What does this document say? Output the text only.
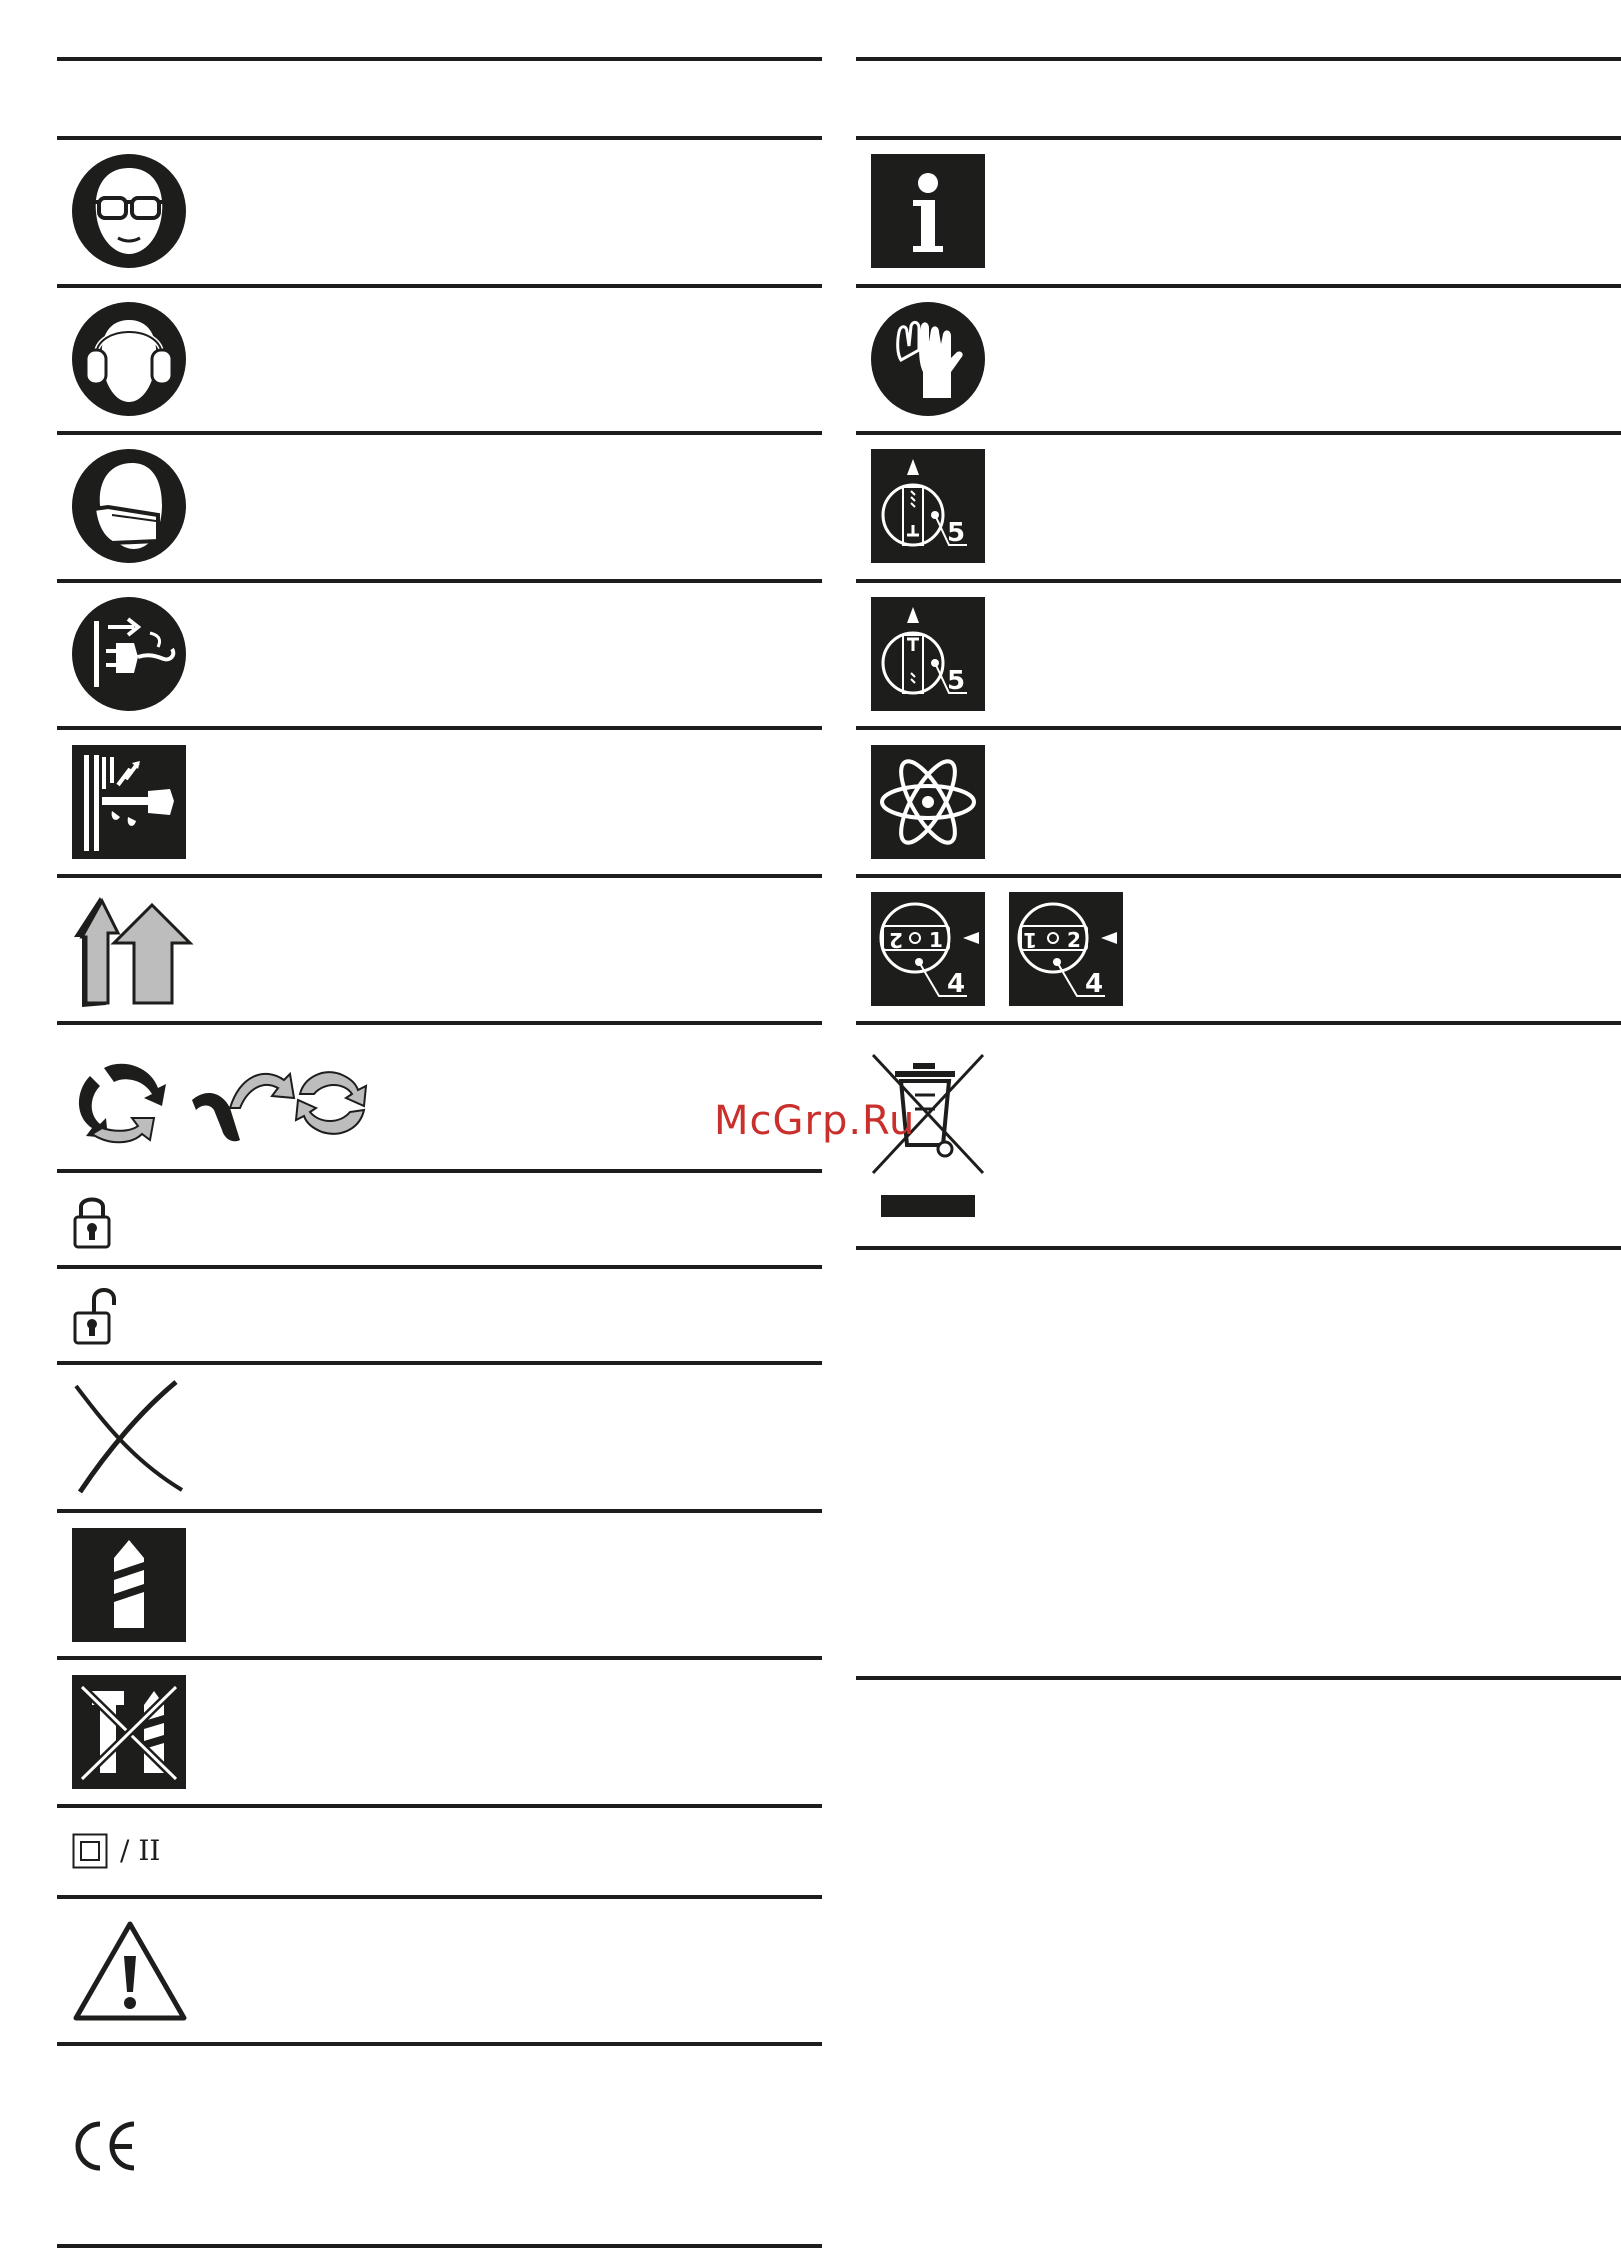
/ II
5
5
2 1
4
1 2
4
McGrp.Ru
